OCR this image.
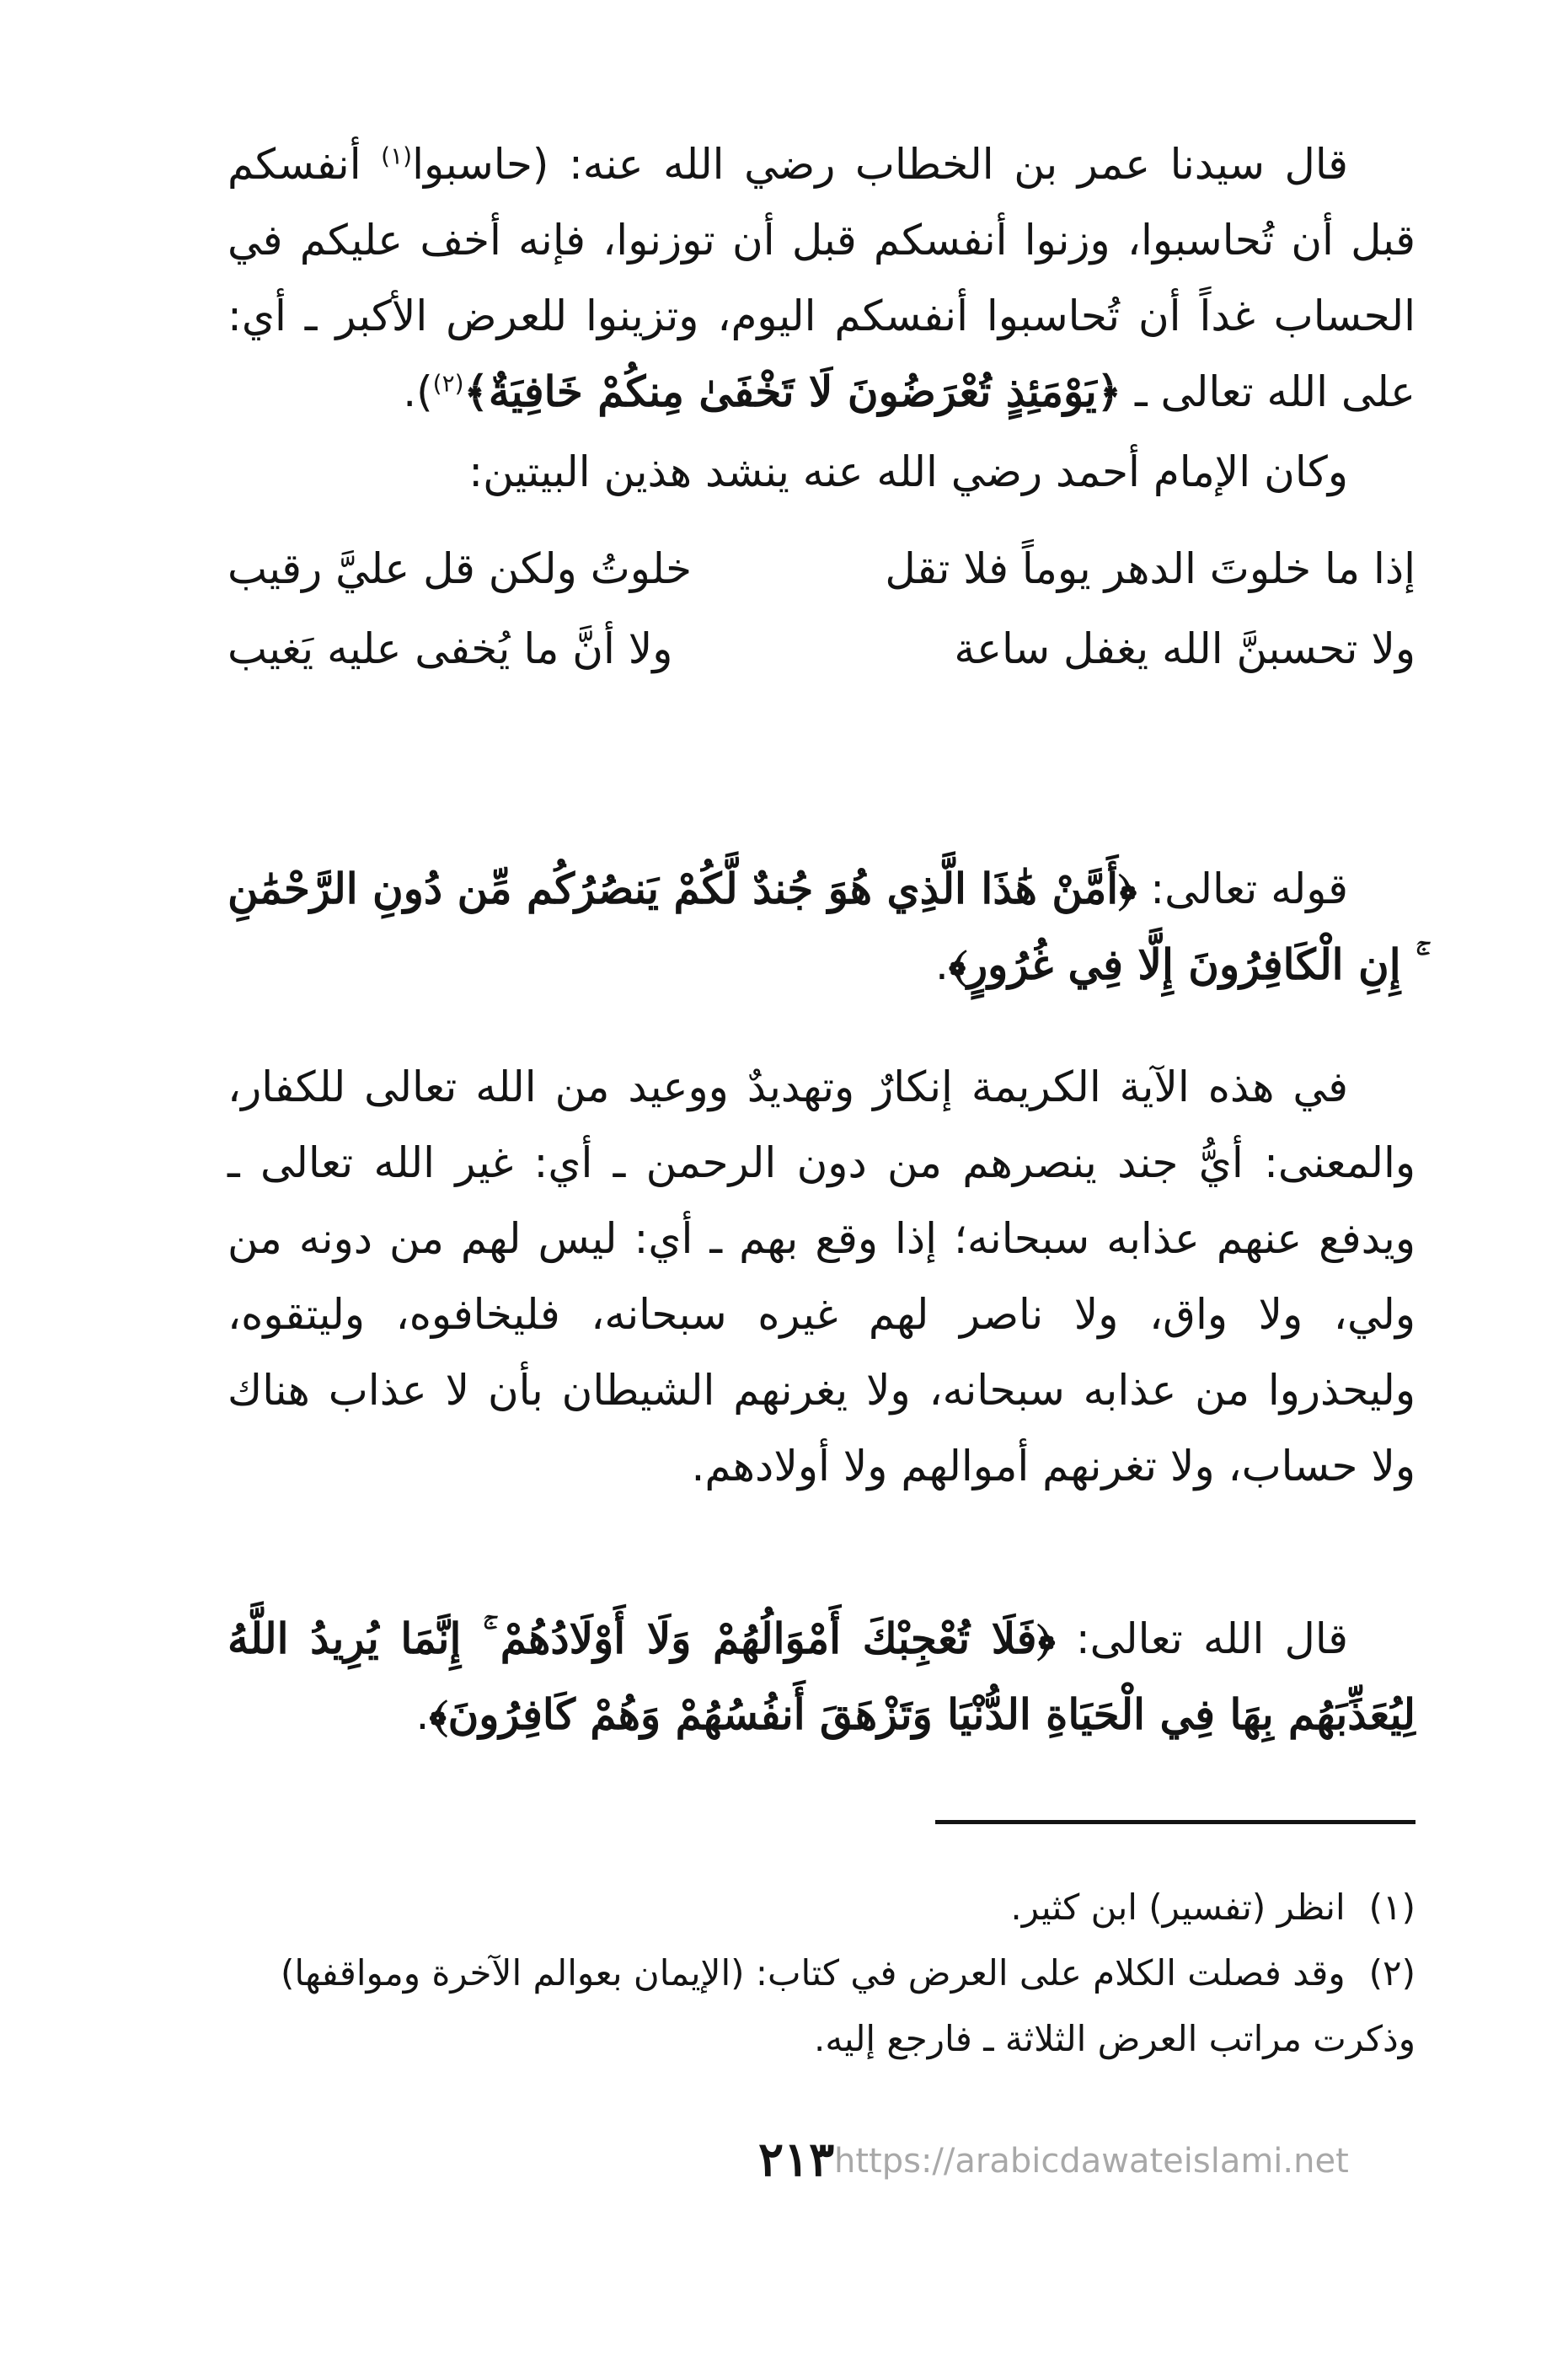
قال سيدنا عمر بن الخطاب رضي الله عنه: (حاسبوا$^{(١)}$ أنفسكم قبل أن تُحاسبوا، وزنوا أنفسكم قبل أن توزنوا، فإنه أخف عليكم في الحساب غداً أن تُحاسبوا أنفسكم اليوم، وتزينوا للعرض الأكبر ـ أي: على الله تعالى ـ ﴿يَوْمَئِذٍ تُعْرَضُونَ لَا تَخْفَىٰ مِنكُمْ خَافِيَةٌ﴾$^{(٢)}$).

وكان الإمام أحمد رضي الله عنه ينشد هذين البيتين:

إذا ما خلوتَ الدهر يوماً فلا تقل
خلوتُ ولكن قل عليَّ رقيب
ولا تحسبنَّ الله يغفل ساعة
ولا أنَّ ما يُخفى عليه يَغيب

قوله تعالى: ﴿أَمَّنْ هَٰذَا الَّذِي هُوَ جُندٌ لَّكُمْ يَنصُرُكُم مِّن دُونِ الرَّحْمَٰنِ ۚ إِنِ الْكَافِرُونَ إِلَّا فِي غُرُورٍ﴾.

في هذه الآية الكريمة إنكارٌ وتهديدٌ ووعيد من الله تعالى للكفار، والمعنى: أيُّ جند ينصرهم من دون الرحمن ـ أي: غير الله تعالى ـ ويدفع عنهم عذابه سبحانه؛ إذا وقع بهم ـ أي: ليس لهم من دونه من ولي، ولا واق، ولا ناصر لهم غيره سبحانه، فليخافوه، وليتقوه، وليحذروا من عذابه سبحانه، ولا يغرنهم الشيطان بأن لا عذاب هناك ولا حساب، ولا تغرنهم أموالهم ولا أولادهم.

قال الله تعالى: ﴿فَلَا تُعْجِبْكَ أَمْوَالُهُمْ وَلَا أَوْلَادُهُمْ ۚ إِنَّمَا يُرِيدُ اللَّهُ لِيُعَذِّبَهُم بِهَا فِي الْحَيَاةِ الدُّنْيَا وَتَزْهَقَ أَنفُسُهُمْ وَهُمْ كَافِرُونَ﴾.

(١) انظر (تفسير) ابن كثير.

(٢) وقد فصلت الكلام على العرض في كتاب: (الإيمان بعوالم الآخرة ومواقفها) وذكرت مراتب العرض الثلاثة ـ فارجع إليه.

٢١٣ https://arabicdawateislami.net
